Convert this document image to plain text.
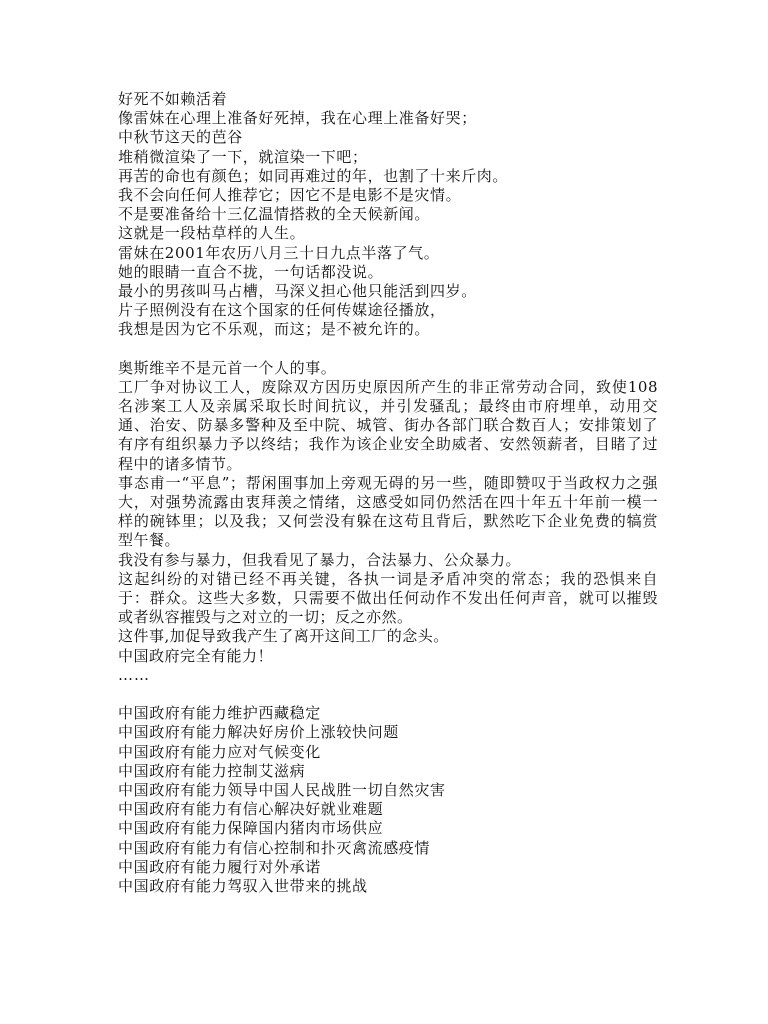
好死不如赖活着
像雷妹在心理上准备好死掉，我在心理上准备好哭；
中秋节这天的芭谷
堆稍微渲染了一下，就渲染一下吧；
再苦的命也有颜色；如同再难过的年，也割了十来斤肉。
我不会向任何人推荐它；因它不是电影不是灾情。
不是要准备给十三亿温情搭救的全天候新闻。
这就是一段枯草样的人生。
雷妹在2001年农历八月三十日九点半落了气。
她的眼睛一直合不拢，一句话都没说。
最小的男孩叫马占槽，马深义担心他只能活到四岁。
片子照例没有在这个国家的任何传媒途径播放，
我想是因为它不乐观，而这；是不被允许的。
奥斯维辛不是元首一个人的事。
工厂争对协议工人，废除双方因历史原因所产生的非正常劳动合同，致使108名涉案工人及亲属采取长时间抗议，并引发骚乱；最终由市府埋单，动用交通、治安、防暴多警种及至中院、城管、街办各部门联合数百人；安排策划了有序有组织暴力予以终结；我作为该企业安全助威者、安然领薪者，目睹了过程中的诸多情节。
事态甫一“平息”；帮闲围事加上旁观无碍的另一些，随即赞叹于当政权力之强大，对强势流露由衷拜羡之情绪，这感受如同仍然活在四十年五十年前一模一样的碗钵里；以及我；又何尝没有躲在这苟且背后，默然吃下企业免费的犒赏型午餐。
我没有参与暴力，但我看见了暴力，合法暴力、公众暴力。
这起纠纷的对错已经不再关键，各执一词是矛盾冲突的常态；我的恐惧来自于：群众。这些大多数，只需要不做出任何动作不发出任何声音，就可以摧毁或者纵容摧毁与之对立的一切；反之亦然。
这件事,加促导致我产生了离开这间工厂的念头。
中国政府完全有能力！
……
中国政府有能力维护西藏稳定
中国政府有能力解决好房价上涨较快问题
中国政府有能力应对气候变化
中国政府有能力控制艾滋病
中国政府有能力领导中国人民战胜一切自然灾害
中国政府有能力有信心解决好就业难题
中国政府有能力保障国内猪肉市场供应
中国政府有能力有信心控制和扑灭禽流感疫情
中国政府有能力履行对外承诺
中国政府有能力驾驭入世带来的挑战
